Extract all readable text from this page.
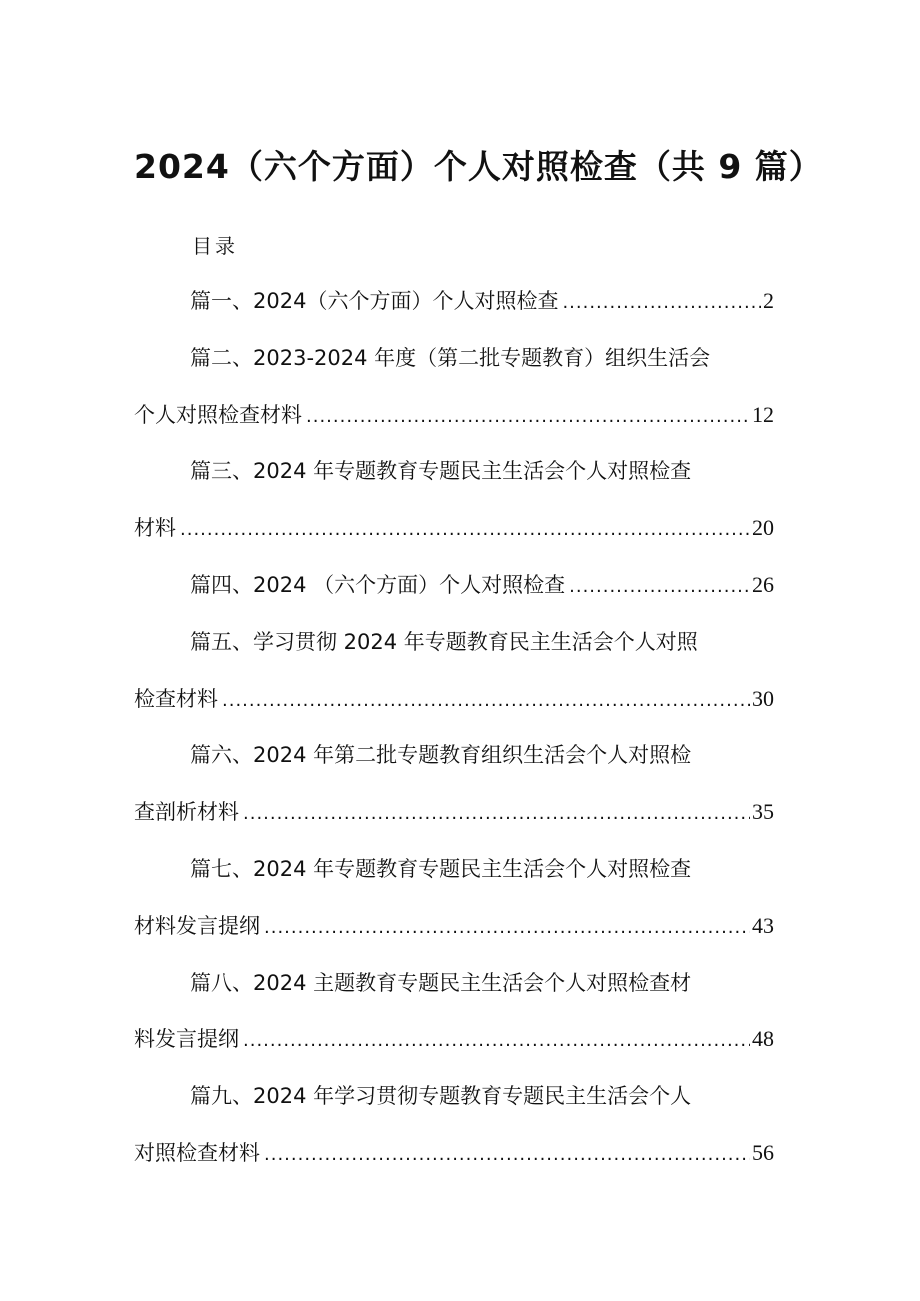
2024（六个方面）个人对照检查（共 9 篇）
目录
篇一、2024（六个方面）个人对照检查 .....	2
篇二、2023-2024 年度（第二批专题教育）组织生活会
个人对照检查材料 .....	12
篇三、2024 年专题教育专题民主生活会个人对照检查
材料 .....	20
篇四、2024 （六个方面）个人对照检查 .....	26
篇五、学习贯彻 2024 年专题教育民主生活会个人对照
检查材料 .....	30
篇六、2024 年第二批专题教育组织生活会个人对照检
查剖析材料 .....	35
篇七、2024 年专题教育专题民主生活会个人对照检查
材料发言提纲 .....	43
篇八、2024 主题教育专题民主生活会个人对照检查材
料发言提纲 .....	48
篇九、2024 年学习贯彻专题教育专题民主生活会个人
对照检查材料 .....	56
